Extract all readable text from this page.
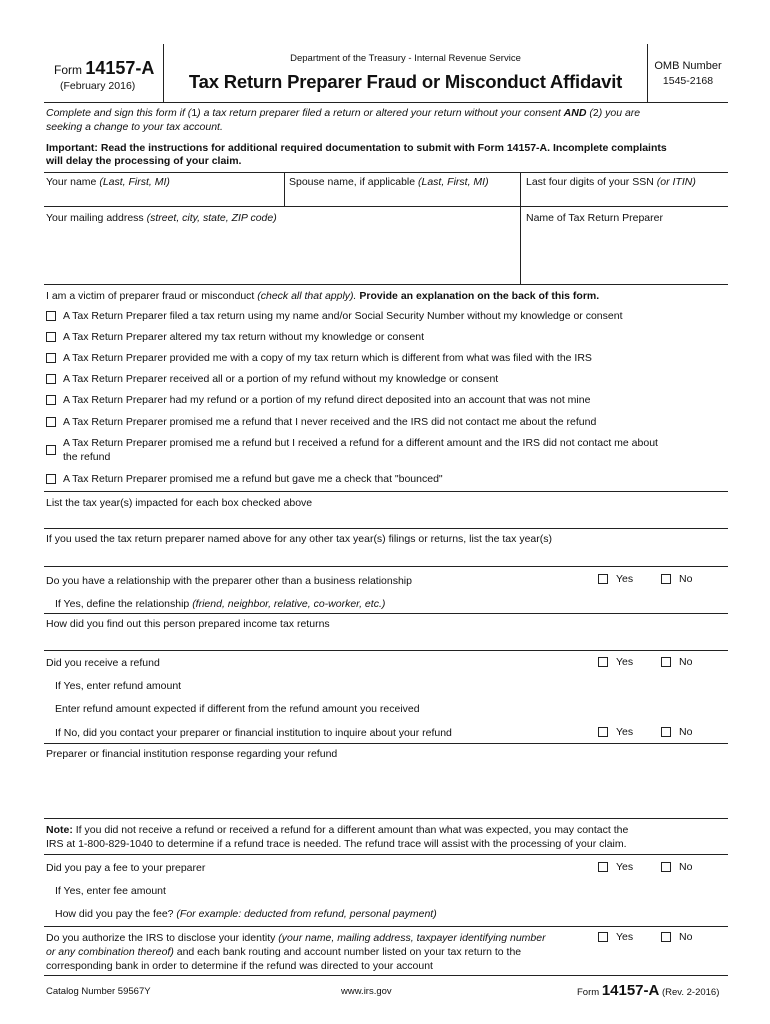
Form 14157-A
(February 2016)
Department of the Treasury - Internal Revenue Service
Tax Return Preparer Fraud or Misconduct Affidavit
OMB Number
1545-2168
Complete and sign this form if (1) a tax return preparer filed a return or altered your return without your consent AND (2) you are
seeking a change to your tax account.
Important: Read the instructions for additional required documentation to submit with Form 14157-A. Incomplete complaints
will delay the processing of your claim.
Your name (Last, First, MI)	Spouse name, if applicable (Last, First, MI)	Last four digits of your SSN (or ITIN)
Your mailing address (street, city, state, ZIP code)	Name of Tax Return Preparer
I am a victim of preparer fraud or misconduct (check all that apply). Provide an explanation on the back of this form.
A Tax Return Preparer filed a tax return using my name and/or Social Security Number without my knowledge or consent
A Tax Return Preparer altered my tax return without my knowledge or consent
A Tax Return Preparer provided me with a copy of my tax return which is different from what was filed with the IRS
A Tax Return Preparer received all or a portion of my refund without my knowledge or consent
A Tax Return Preparer had my refund or a portion of my refund direct deposited into an account that was not mine
A Tax Return Preparer promised me a refund that I never received and the IRS did not contact me about the refund
A Tax Return Preparer promised me a refund but I received a refund for a different amount and the IRS did not contact me about
the refund
A Tax Return Preparer promised me a refund but gave me a check that "bounced"
List the tax year(s) impacted for each box checked above
If you used the tax return preparer named above for any other tax year(s) filings or returns, list the tax year(s)
Do you have a relationship with the preparer other than a business relationship	Yes	No
If Yes, define the relationship (friend, neighbor, relative, co-worker, etc.)
How did you find out this person prepared income tax returns
Did you receive a refund	Yes	No
If Yes, enter refund amount
Enter refund amount expected if different from the refund amount you received
If No, did you contact your preparer or financial institution to inquire about your refund	Yes	No
Preparer or financial institution response regarding your refund
Note: If you did not receive a refund or received a refund for a different amount than what was expected, you may contact the
IRS at 1-800-829-1040 to determine if a refund trace is needed. The refund trace will assist with the processing of your claim.
Did you pay a fee to your preparer	Yes	No
If Yes, enter fee amount
How did you pay the fee? (For example: deducted from refund, personal payment)
Do you authorize the IRS to disclose your identity (your name, mailing address, taxpayer identifying number
or any combination thereof) and each bank routing and account number listed on your tax return to the
corresponding bank in order to determine if the refund was directed to your account
Yes	No
Catalog Number 59567Y	www.irs.gov	Form 14157-A (Rev. 2-2016)
